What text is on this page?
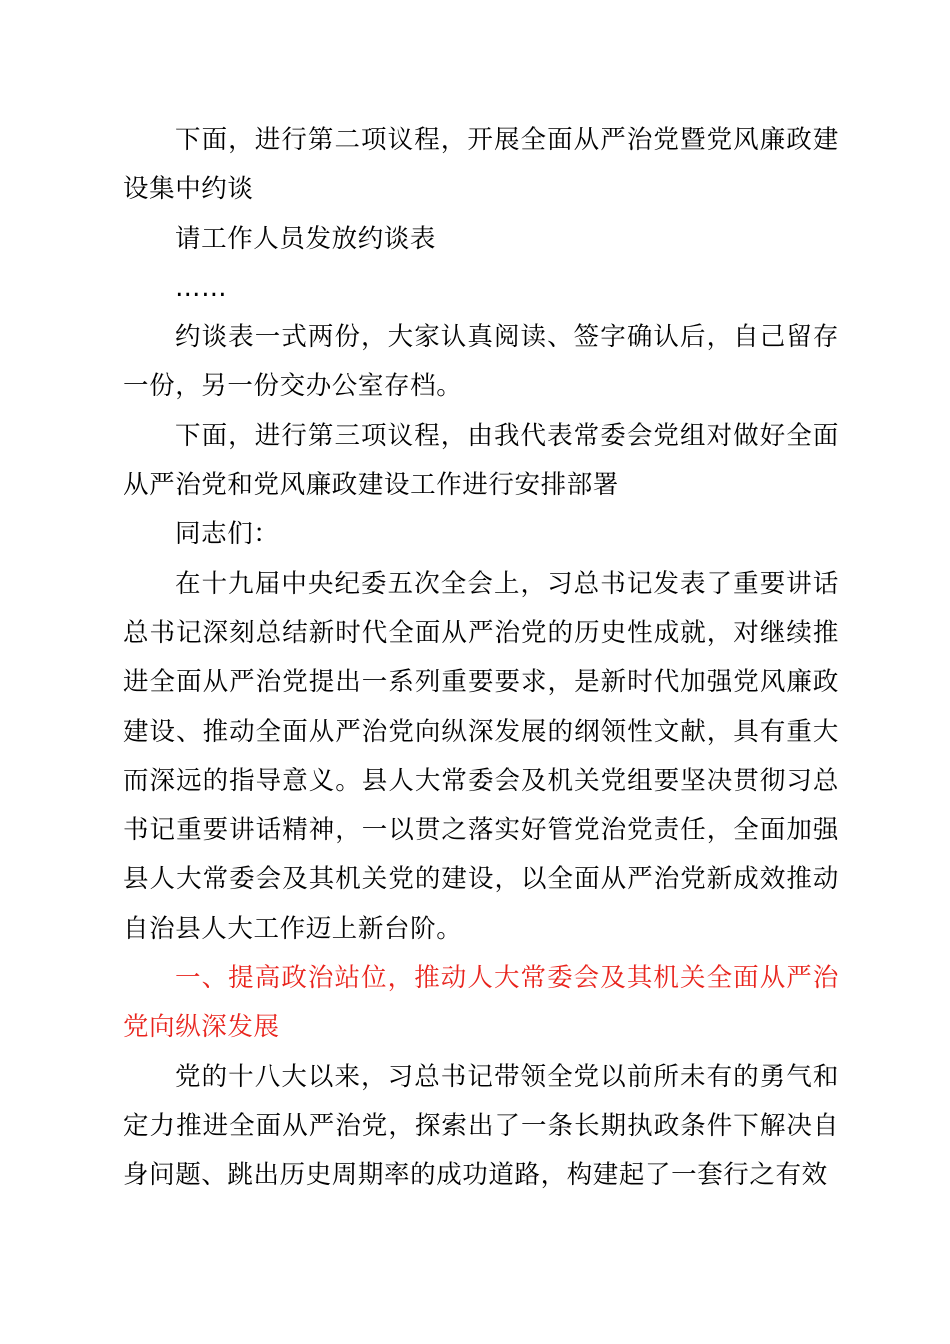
下面，进行第二项议程，开展全面从严治党暨党风廉政建设集中约谈

请工作人员发放约谈表

……

约谈表一式两份，大家认真阅读、签字确认后，自己留存一份，另一份交办公室存档。

下面，进行第三项议程，由我代表常委会党组对做好全面从严治党和党风廉政建设工作进行安排部署

同志们：

在十九届中央纪委五次全会上，习总书记发表了重要讲话总书记深刻总结新时代全面从严治党的历史性成就，对继续推进全面从严治党提出一系列重要要求，是新时代加强党风廉政建设、推动全面从严治党向纵深发展的纲领性文献，具有重大而深远的指导意义。县人大常委会及机关党组要坚决贯彻习总书记重要讲话精神，一以贯之落实好管党治党责任，全面加强县人大常委会及其机关党的建设，以全面从严治党新成效推动自治县人大工作迈上新台阶。

一、提高政治站位，推动人大常委会及其机关全面从严治党向纵深发展

党的十八大以来，习总书记带领全党以前所未有的勇气和定力推进全面从严治党，探索出了一条长期执政条件下解决自身问题、跳出历史周期率的成功道路，构建起了一套行之有效
